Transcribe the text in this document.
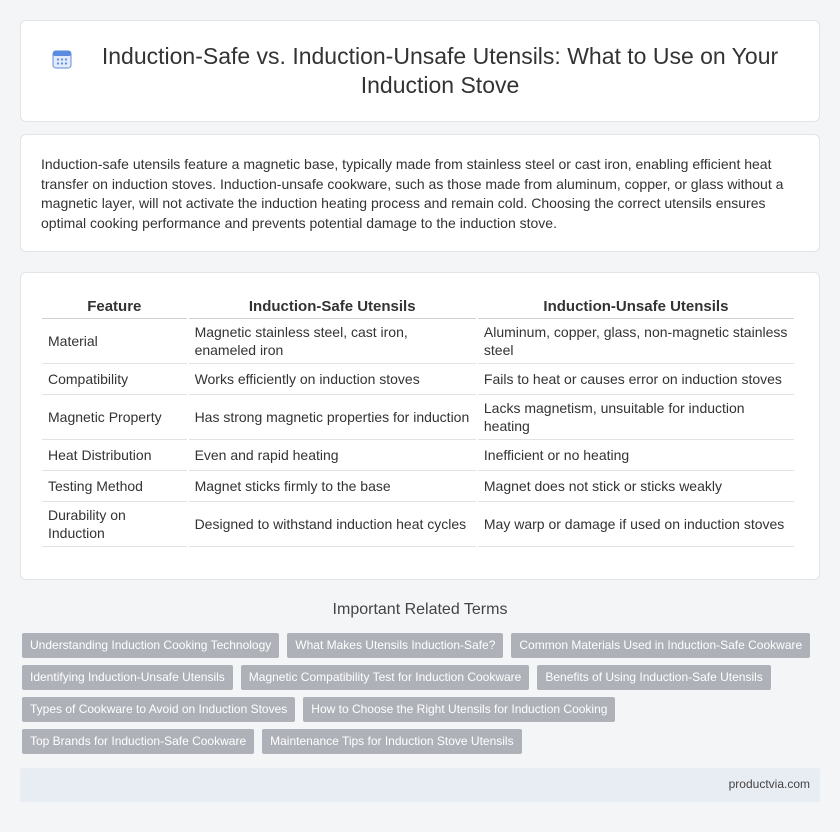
Induction-Safe vs. Induction-Unsafe Utensils: What to Use on Your Induction Stove

Induction-safe utensils feature a magnetic base, typically made from stainless steel or cast iron, enabling efficient heat transfer on induction stoves. Induction-unsafe cookware, such as those made from aluminum, copper, or glass without a magnetic layer, will not activate the induction heating process and remain cold. Choosing the correct utensils ensures optimal cooking performance and prevents potential damage to the induction stove.

Feature	Induction-Safe Utensils	Induction-Unsafe Utensils
Material	Magnetic stainless steel, cast iron, enameled iron	Aluminum, copper, glass, non-magnetic stainless steel
Compatibility	Works efficiently on induction stoves	Fails to heat or causes error on induction stoves
Magnetic Property	Has strong magnetic properties for induction	Lacks magnetism, unsuitable for induction heating
Heat Distribution	Even and rapid heating	Inefficient or no heating
Testing Method	Magnet sticks firmly to the base	Magnet does not stick or sticks weakly
Durability on Induction	Designed to withstand induction heat cycles	May warp or damage if used on induction stoves
Important Related Terms
Understanding Induction Cooking Technology	What Makes Utensils Induction-Safe?	Common Materials Used in Induction-Safe Cookware
Identifying Induction-Unsafe Utensils	Magnetic Compatibility Test for Induction Cookware	Benefits of Using Induction-Safe Utensils
Types of Cookware to Avoid on Induction Stoves	How to Choose the Right Utensils for Induction Cooking
Top Brands for Induction-Safe Cookware	Maintenance Tips for Induction Stove Utensils
productvia.com
